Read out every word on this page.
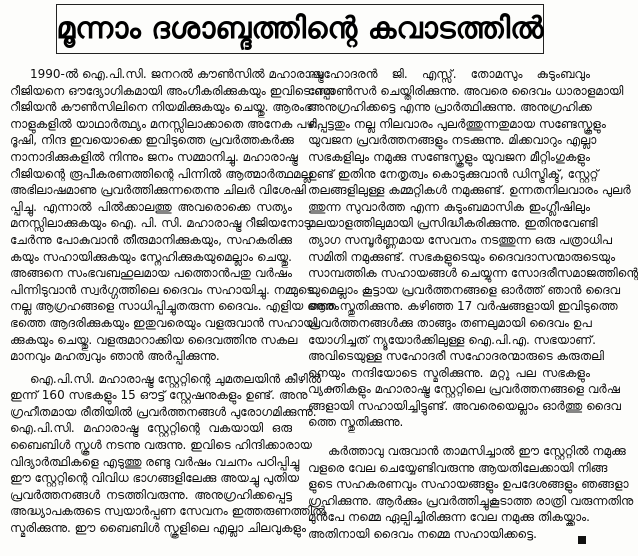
മൂന്നാം ദശാബ്ദത്തിന്റെ കവാടത്തിൽ
1990-ൽ ഐ.പി.സി. ജനറൽ കൗൺസിൽ മഹാരാഷ്ട്ര
റീജിയനെ ഔദ്യോഗികമായി അംഗീകരിക്കുകയും ഇവിടെ ഒരു
റീജിയൻ കൗൺസിലിനെ നിയമിക്കുകയും ചെയ്തു. ആരംഭ
നാളുകളിൽ യാഥാർത്ഥ്യം മനസ്സിലാക്കാതെ അനേക പഴി,
ദൂഷി, നിന്ദ ഇവയൊക്കെ ഇവിടുത്തെ പ്രവർത്തകർക്കു
നാനാദിക്കുകളിൽ നിന്നും ജനം സമ്മാനിച്ചു. മഹാരാഷ്ട്ര
റീജിയന്റെ രൂപീകരണത്തിന്റെ പിന്നിൽ ആത്മാർത്ഥമല്ല
അഭിലാഷമാണു പ്രവർത്തിക്കുന്നതെന്നു ചിലർ വിശേഷി
പ്പിച്ചു. എന്നാൽ പിൽക്കാലത്തു അവരൊക്കെ സത്യം
മനസ്സിലാക്കുകയും ഐ. പി. സി. മഹാരാഷ്ട്ര റീജിയനോടു
ചേർന്നു പോകുവാൻ തീരുമാനിക്കുകയും, സഹകരിക്കു
കയും സഹായിക്കുകയും സ്നേഹിക്കുകയുമെല്ലാം ചെയ്തു.
അങ്ങനെ സംഭവബഹുലമായ പത്തൊൻപതു വർഷം
പിന്നിടുവാൻ സ്വർഗ്ഗത്തിലെ ദൈവം സഹായിച്ചു. നമ്മുടെ
നല്ല ആഗ്രഹങ്ങളെ സാധിപ്പിച്ചുതരുന്ന ദൈവം. എളിയ ആരം
ഭത്തെ ആദരിക്കുകയും ഇതുവരെയും വളരുവാൻ സഹായി
ക്കുകയും ചെയ്തു. വളരുമാറാക്കിയ ദൈവത്തിനു സകല
മാനവും മഹത്വവും ഞാൻ അർപ്പിക്കുന്നു.
ഐ.പി.സി. മഹാരാഷ്ട്ര സ്റ്റേറ്റിന്റെ ചുമതലയിൻ കീഴിൽ
ഇന്ന് 160 സഭകളും 15 ഔട്ട് സ്റ്റേഷനുകളും ഉണ്ട്. അനു
ഗ്രഹീതമായ രീതിയിൽ പ്രവർത്തനങ്ങൾ പുരോഗമിക്കുന്നു.
ഐ.പി.സി. മഹാരാഷ്ട്ര സ്റ്റേറ്റിന്റെ വകയായി ഒരു
ബൈബിൾ സ്കൂൾ നടന്നു വരുന്നു. ഇവിടെ ഹിന്ദിക്കാരായ
വിദ്യാർത്ഥികളെ എടുത്തു രണ്ടു വർഷം വചനം പഠിപ്പിച്ചു
ഈ സ്റ്റേറ്റിന്റെ വിവിധ ഭാഗങ്ങളിലേക്കു അയച്ചു പുതിയ
പ്രവർത്തനങ്ങൾ നടത്തിവരുന്നു. അനുഗ്രഹിക്കപ്പെട്ട
അദ്ധ്യാപകരുടെ സ്വയാർപ്പണ സേവനം ഇത്തരുണത്തിൽ
സ്മരിക്കുന്നു. ഈ ബൈബിൾ സ്കൂളിലെ എല്ലാ ചിലവുകളും
സഹോദരൻ ജി. എസ്സ്. തോമസും കുടുംബവും
സ്പോൺസർ ചെയ്തിരിക്കുന്നു. അവരെ ദൈവം ധാരാളമായി
അനുഗ്രഹിക്കട്ടെ എന്നു പ്രാർത്ഥിക്കുന്നു. അനുഗ്രഹിക്ക
പ്പെട്ടതും നല്ല നിലവാരം പുലർത്തുന്നതുമായ സണ്ടേസ്കൂളും
യുവജന പ്രവർത്തനങ്ങളും നടക്കുന്നു. മിക്കവാറും എല്ലാ
സഭകളിലും നമുക്കു സണ്ടേസ്കൂളും യുവജന മീറ്റിംഗുകളും
ഉണ്ട് ഇതിനു നേതൃത്വം കൊടുക്കുവാൻ ഡിസ്ട്രിക്ട്, സ്റ്റേറ്റ്
തലങ്ങളിലുള്ള കമ്മറ്റികൾ നമുക്കുണ്ട്. ഉന്നതനിലവാരം പുലർ
ത്തുന്ന സുവാർത്ത എന്ന കുടുംബമാസിക ഇംഗ്ലീഷിലും
മലയാളത്തിലുമായി പ്രസിദ്ധീകരിക്കുന്നു. ഇതിനുവേണ്ടി
ത്യാഗ സമ്പൂർണ്ണമായ സേവനം നടത്തുന്ന ഒരു പത്രാധിപ
സമിതി നമുക്കുണ്ട്. സഭകളുടെയും ദൈവദാസന്മാരുടെയും
സാമ്പത്തിക സഹായങ്ങൾ ചെയ്യുന്ന സോദരീസമാജത്തിന്റെ
യുമെല്ലാം കൂട്ടായ പ്രവർത്തനങ്ങളെ ഓർത്ത് ഞാൻ ദൈവ
ത്തെ സ്തുതിക്കുന്നു. കഴിഞ്ഞ 17 വർഷങ്ങളായി ഇവിടുത്തെ
പ്രവർത്തനങ്ങൾക്കു താങ്ങും തണലുമായി ദൈവം ഉപ
യോഗിച്ചത് ന്യൂയോർക്കിലുള്ള ഐ.പി.എ. സഭയാണ്.
അവിടെയുള്ള സഹോദരീ സഹോദരന്മാരുടെ കരുതലി
നെയും നന്ദിയോടെ സ്മരിക്കുന്നു. മറ്റു പല സഭകളും
വ്യക്തികളും മഹാരാഷ്ട്ര സ്റ്റേറ്റിലെ പ്രവർത്തനങ്ങളെ വർഷ
ങ്ങളായി സഹായിച്ചിട്ടുണ്ട്. അവരെയെല്ലാം ഓർത്തു ദൈവ
ത്തെ സ്തുതിക്കുന്നു.
കർത്താവു വരുവാൻ താമസിച്ചാൽ ഈ സ്റ്റേറ്റിൽ നമുക്കു
വളരെ വേല ചെയ്യേണ്ടിവരുന്നു ആയതിലേക്കായി നിങ്ങ
ളുടെ സഹകരണവും സഹായങ്ങളും ഉപദേശങ്ങളും ഞങ്ങളാ
ഗ്രഹിക്കുന്നു. ആർക്കും പ്രവർത്തിച്ചുകൂടാത്ത രാത്രി വരുന്നതിനു
മുൻപേ നമ്മെ ഏല്പിച്ചിരിക്കുന്ന വേല നമുക്കു തികയ്ക്കാം.
അതിനായി ദൈവം നമ്മെ സഹായിക്കട്ടെ.
